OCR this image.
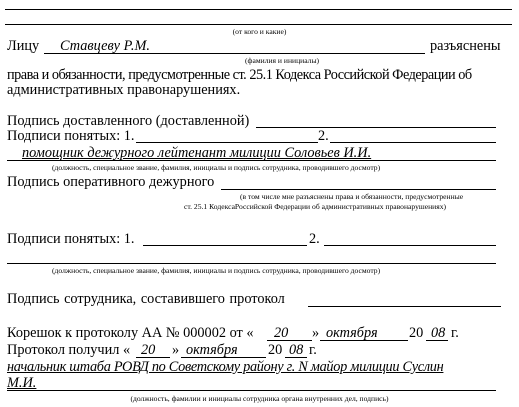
(от кого и какие)
Лицу Ставцеву Р.М.	разъяснены
(фамилия и инициалы)
права и обязанности, предусмотренные ст. 25.1 Кодекса Российской Федерации об
административных правонарушениях.
Подпись доставленного (доставленной)
Подписи понятых: 1.	2.
помощник дежурного лейтенант милиции Соловьев И.И.
(должность, специальное звание, фамилия, инициалы и подпись сотрудника, проводившего досмотр)
Подпись оперативного дежурного
(в том числе мне разъяснены права и обязанности, предусмотренные
ст. 25.1 КодексаРоссийской Федерации об административных правонарушениях)
Подписи понятых: 1.	2.
(должность, специальное звание, фамилия, инициалы и подпись сотрудника, проводившего досмотр)
Подпись сотрудника, составившего протокол
Корешок к протоколу АА № 000002 от « 20 » октября 20 08 г.
Протокол получил « 20 » октября 20 08 г.
начальник штаба РОВД по Советскому району г. N майор милиции Суслин
М.И.
(должность, фамилии и инициалы сотрудника органа внутренних дел, подпись)
